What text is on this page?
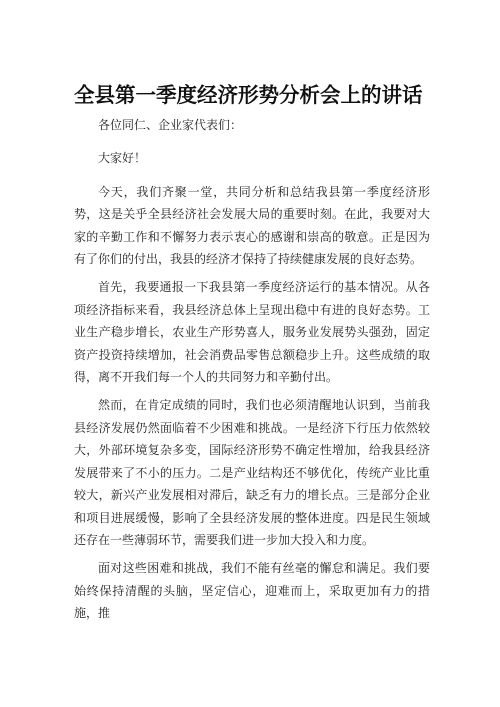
全县第一季度经济形势分析会上的讲话

各位同仁、企业家代表们：

大家好！

今天，我们齐聚一堂，共同分析和总结我县第一季度经济形势，这是关乎全县经济社会发展大局的重要时刻。在此，我要对大家的辛勤工作和不懈努力表示衷心的感谢和崇高的敬意。正是因为有了你们的付出，我县的经济才保持了持续健康发展的良好态势。

首先，我要通报一下我县第一季度经济运行的基本情况。从各项经济指标来看，我县经济总体上呈现出稳中有进的良好态势。工业生产稳步增长，农业生产形势喜人，服务业发展势头强劲，固定资产投资持续增加，社会消费品零售总额稳步上升。这些成绩的取得，离不开我们每一个人的共同努力和辛勤付出。

然而，在肯定成绩的同时，我们也必须清醒地认识到，当前我县经济发展仍然面临着不少困难和挑战。一是经济下行压力依然较大，外部环境复杂多变，国际经济形势不确定性增加，给我县经济发展带来了不小的压力。二是产业结构还不够优化，传统产业比重较大，新兴产业发展相对滞后，缺乏有力的增长点。三是部分企业和项目进展缓慢，影响了全县经济发展的整体进度。四是民生领域还存在一些薄弱环节，需要我们进一步加大投入和力度。

面对这些困难和挑战，我们不能有丝毫的懈怠和满足。我们要始终保持清醒的头脑，坚定信心，迎难而上，采取更加有力的措施，推
